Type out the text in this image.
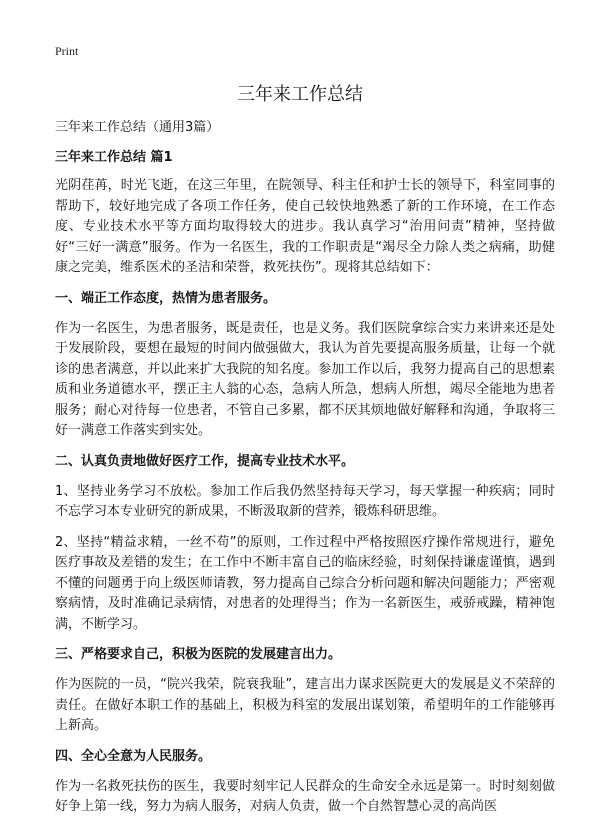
Print
三年来工作总结

三年来工作总结（通用3篇）

三年来工作总结 篇1

光阴荏苒，时光飞逝，在这三年里，在院领导、科主任和护士长的领导下，科室同事的帮助下，较好地完成了各项工作任务，使自己较快地熟悉了新的工作环境，在工作态度、专业技术水平等方面均取得较大的进步。我认真学习“治用问责”精神，坚持做好“三好一满意”服务。作为一名医生，我的工作职责是“竭尽全力除人类之病痛，助健康之完美，维系医术的圣洁和荣誉，救死扶伤”。现将其总结如下：

一、端正工作态度，热情为患者服务。

作为一名医生，为患者服务，既是责任，也是义务。我们医院拿综合实力来讲来还是处于发展阶段，要想在最短的时间内做强做大，我认为首先要提高服务质量，让每一个就诊的患者满意，并以此来扩大我院的知名度。参加工作以后，我努力提高自己的思想素质和业务道德水平，摆正主人翁的心态，急病人所急，想病人所想，竭尽全能地为患者服务；耐心对待每一位患者，不管自己多累，都不厌其烦地做好解释和沟通，争取将三好一满意工作落实到实处。

二、认真负责地做好医疗工作，提高专业技术水平。

1、坚持业务学习不放松。参加工作后我仍然坚持每天学习，每天掌握一种疾病；同时不忘学习本专业研究的新成果，不断汲取新的营养，锻炼科研思维。

2、坚持“精益求精，一丝不苟”的原则，工作过程中严格按照医疗操作常规进行，避免医疗事故及差错的发生；在工作中不断丰富自己的临床经验，时刻保持谦虚谨慎，遇到不懂的问题勇于向上级医师请教，努力提高自己综合分析问题和解决问题能力；严密观察病情，及时准确记录病情，对患者的处理得当；作为一名新医生，戒骄戒躁，精神饱满，不断学习。

三、严格要求自己，积极为医院的发展建言出力。

作为医院的一员，“院兴我荣，院衰我耻”，建言出力谋求医院更大的发展是义不荣辞的责任。在做好本职工作的基础上，积极为科室的发展出谋划策，希望明年的工作能够再上新高。

四、全心全意为人民服务。

作为一名救死扶伤的医生，我要时刻牢记人民群众的生命安全永远是第一。时时刻刻做好争上第一线，努力为病人服务，对病人负责，做一个自然智慧心灵的高尚医
